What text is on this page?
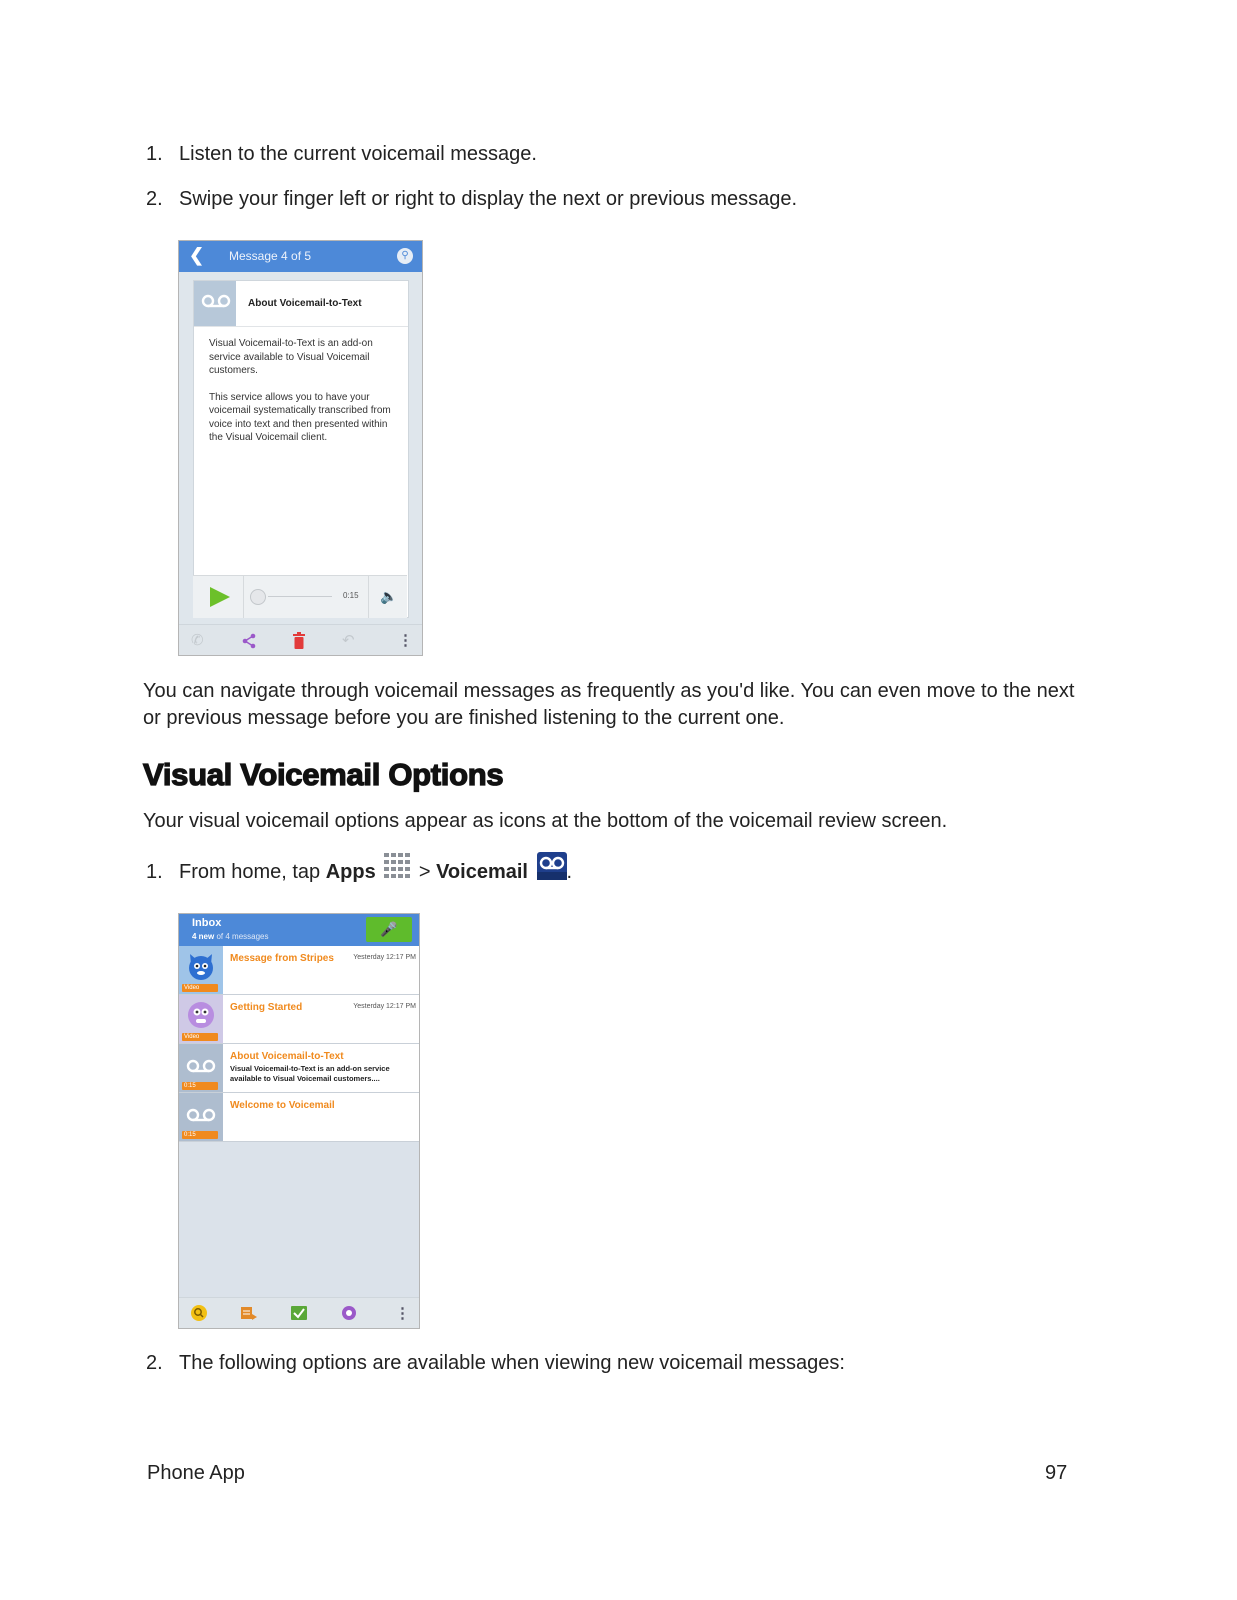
1. Listen to the current voicemail message.
2. Swipe your finger left or right to display the next or previous message.
❮ Message 4 of 5	⚲
About Voicemail-to-Text

Visual Voicemail-to-Text is an add-on service available to Visual Voicemail customers.

This service allows you to have your voicemail systematically transcribed from voice into text and then presented within the Visual Voicemail client.

0:15 🔈
✆	↶	⋮
You can navigate through voicemail messages as frequently as you'd like. You can even move to the next or previous message before you are finished listening to the current one.
Visual Voicemail Options
Your visual voicemail options appear as icons at the bottom of the voicemail review screen.
1. From home, tap Apps  > Voicemail .
Inbox
4 new of 4 messages	🎤
Video
Message from Stripes	Yesterday 12:17 PM
Video
Getting Started	Yesterday 12:17 PM
0:15
About Voicemail-to-Text
Visual Voicemail-to-Text is an add-on service available to Visual Voicemail customers....
0:15
Welcome to Voicemail
⋮
2. The following options are available when viewing new voicemail messages:
Phone App	97
